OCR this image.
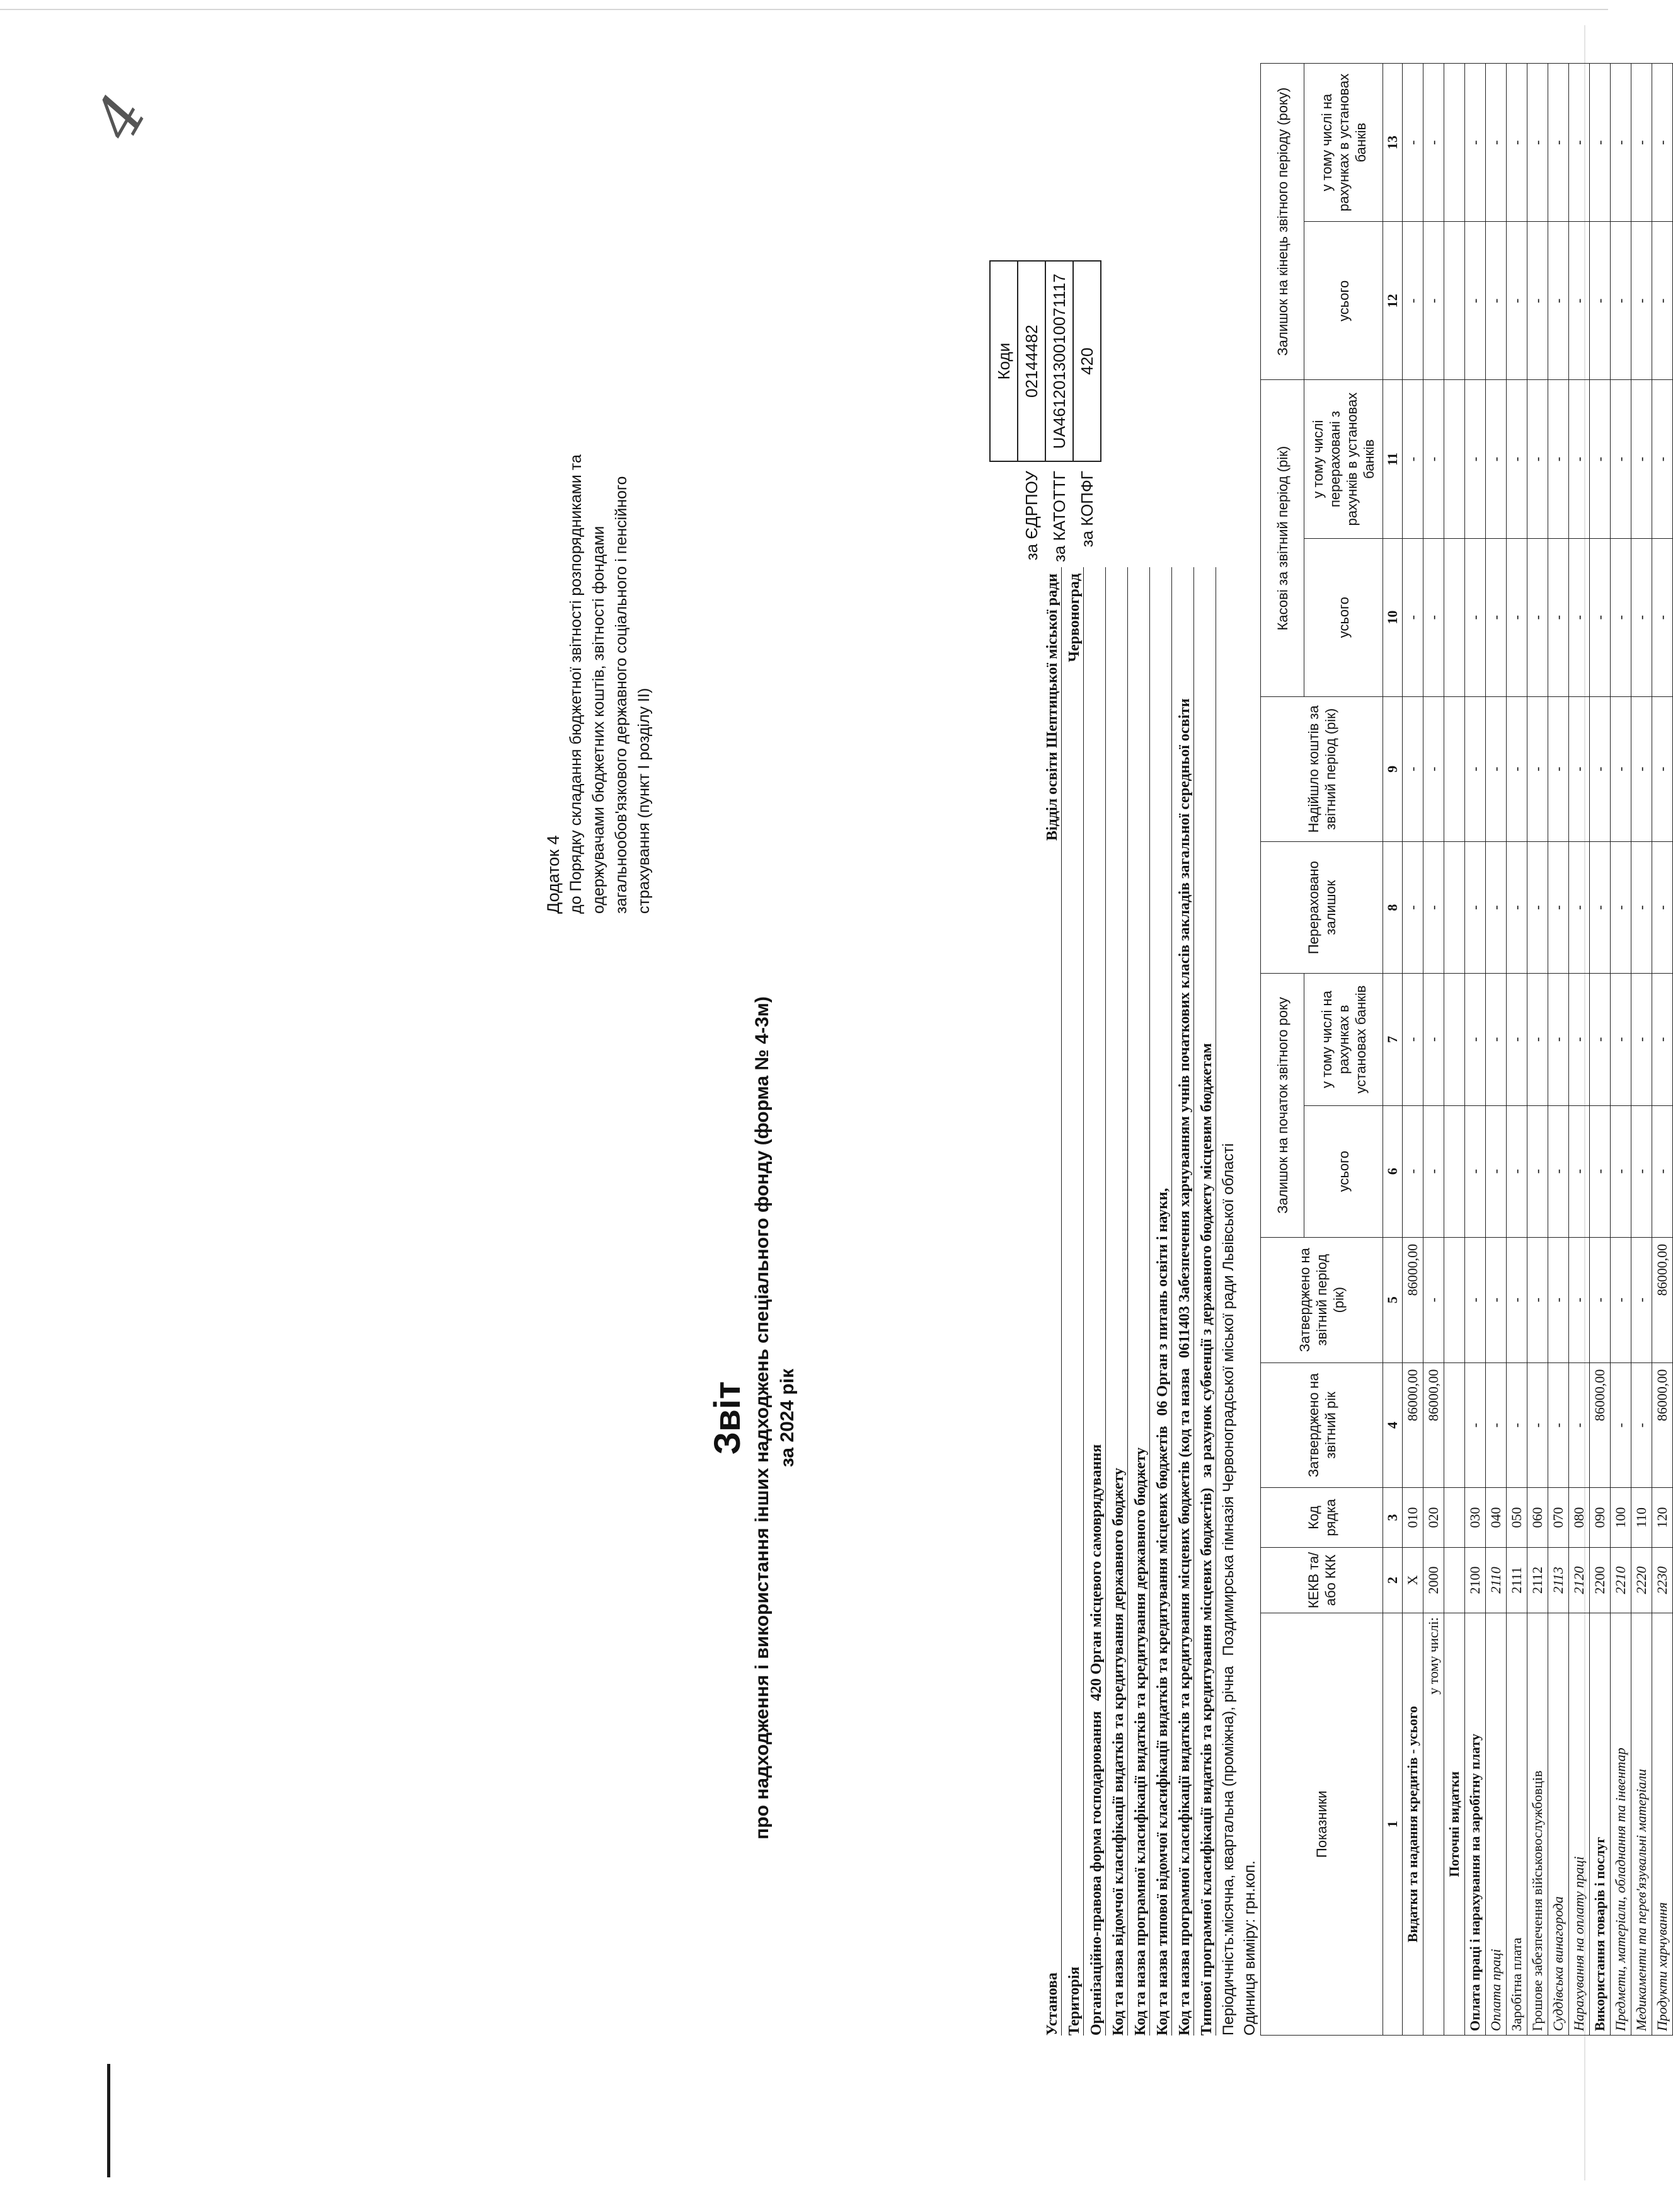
4
Додаток 4 до Порядку складання бюджетної звітності розпорядниками та одержувачами бюджетних коштів, звітності фондами загальнообов'язкового державного соціального і пенсійного страхування (пункт І розділу ІІ)
Звіт про надходження і використання інших надходжень спеціального фонду (форма № 4-3м) за 2024 рік
	Коди
за ЄДРПОУ	02144482
за КАТОТТГ	UA46120130010071117
за КОПФГ	420
Установа
Відділ освіти Шептицької міської ради
Територія
Червоноград
Організаційно-правова форма господарювання
420 Орган місцевого самоврядування Код та назва відомчої класифікації видатків та кредитування державного бюджету Код та назва програмної класифікації видатків та кредитування державного бюджету Код та назва типової відомчої класифікації видатків та кредитування місцевих бюджетів
06 Орган з питань освіти і науки,
Код та назва програмної класифікації видатків та кредитування місцевих бюджетів (код та назва
0611403 Забезпечення харчуванням учнів початкових класів закладів загальної середньої освіти
Типової програмної класифікації видатків та кредитування місцевих бюджетів)
за рахунок субвенції з державного бюджету місцевим бюджетам
Періодичність:місячна, квартальна (проміжна), річна
Поздимирська гімназія Червоноградської міської ради Львівської області
Одиниця виміру: грн.коп.
Показники	КЕКВ та/або ККК	Код рядка	Затверджено на звітний рік	Затверджено на звітний період (рік)	Залишок на початок звітного року		Перераховано залишок	Надійшло коштів за звітний період (рік)	Касові за звітний період (рік)		Залишок на кінець звітного періоду (року)	
					усього	у тому числі на рахунках в установах банків			усього	у тому числі перераховані з рахунків в установах банків	усього	у тому числі на рахунках в установах банків
1	2	3	4	5	6	7	8	9	10	11	12	13
Видатки та надання кредитів - усього	X	010	86000,00	86000,00	-	-	-	-	-	-	-	-
у тому числі:	2000	020	86000,00	-	-	-	-	-	-	-	-	-
Поточні видатки												
Оплата праці і нарахування на заробітну плату	2100	030	-	-	-	-	-	-	-	-	-	-
Оплата праці	2110	040	-	-	-	-	-	-	-	-	-	-
Заробітна плата	2111	050	-	-	-	-	-	-	-	-	-	-
Грошове забезпечення військовослужбовців	2112	060	-	-	-	-	-	-	-	-	-	-
Суддівська винагорода	2113	070	-	-	-	-	-	-	-	-	-	-
Нарахування на оплату праці	2120	080	-	-	-	-	-	-	-	-	-	-
Використання товарів і послуг	2200	090	86000,00	-	-	-	-	-	-	-	-	-
Предмети, матеріали, обладнання та інвентар	2210	100	-	-	-	-	-	-	-	-	-	-
Медикаменти та перев'язувальні матеріали	2220	110	-	-	-	-	-	-	-	-	-	-
Продукти харчування	2230	120	86000,00	86000,00	-	-	-	-	-	-	-	-
